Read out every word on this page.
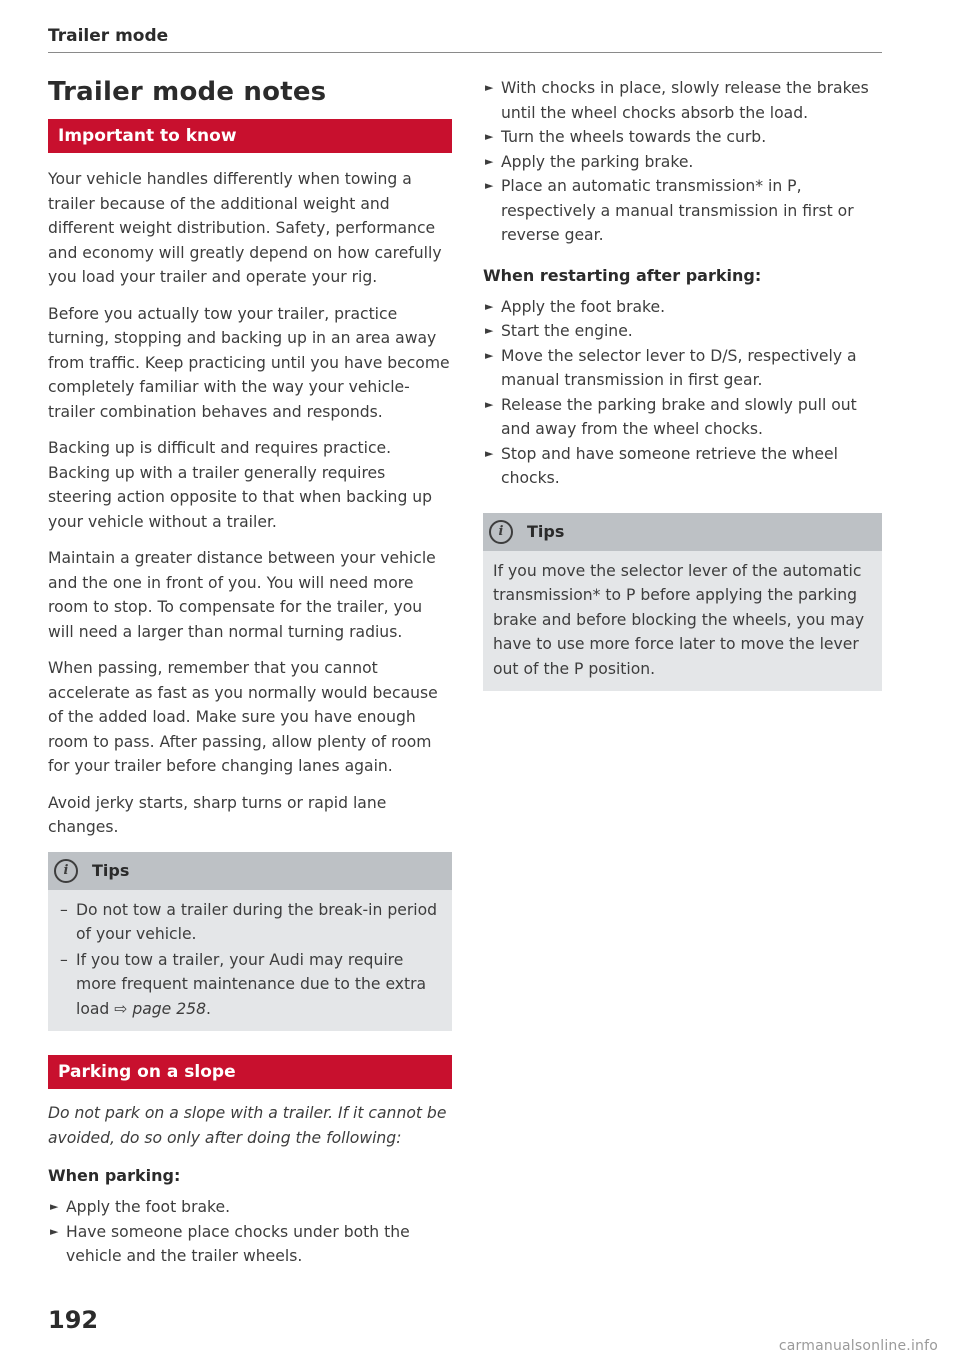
Trailer mode
Trailer mode notes
Important to know

Your vehicle handles differently when towing a trailer because of the additional weight and different weight distribution. Safety, performance and economy will greatly depend on how carefully you load your trailer and operate your rig.

Before you actually tow your trailer, practice turning, stopping and backing up in an area away from traffic. Keep practicing until you have become completely familiar with the way your vehicle-trailer combination behaves and responds.

Backing up is difficult and requires practice. Backing up with a trailer generally requires steering action opposite to that when backing up your vehicle without a trailer.

Maintain a greater distance between your vehicle and the one in front of you. You will need more room to stop. To compensate for the trailer, you will need a larger than normal turning radius.

When passing, remember that you cannot accelerate as fast as you normally would because of the added load. Make sure you have enough room to pass. After passing, allow plenty of room for your trailer before changing lanes again.

Avoid jerky starts, sharp turns or rapid lane changes.

i	Tips
– Do not tow a trailer during the break-in period of your vehicle.
– If you tow a trailer, your Audi may require more frequent maintenance due to the extra load ⇨ page 258.
Parking on a slope

Do not park on a slope with a trailer. If it cannot be avoided, do so only after doing the following:

When parking:
► Apply the foot brake.
► Have someone place chocks under both the vehicle and the trailer wheels.
► With chocks in place, slowly release the brakes until the wheel chocks absorb the load.
► Turn the wheels towards the curb.
► Apply the parking brake.
► Place an automatic transmission* in P, respectively a manual transmission in first or reverse gear.
When restarting after parking:
► Apply the foot brake.
► Start the engine.
► Move the selector lever to D/S, respectively a manual transmission in first gear.
► Release the parking brake and slowly pull out and away from the wheel chocks.
► Stop and have someone retrieve the wheel chocks.
i	Tips

If you move the selector lever of the automatic transmission* to P before applying the parking brake and before blocking the wheels, you may have to use more force later to move the lever out of the P position.

192
carmanualsonline.info
